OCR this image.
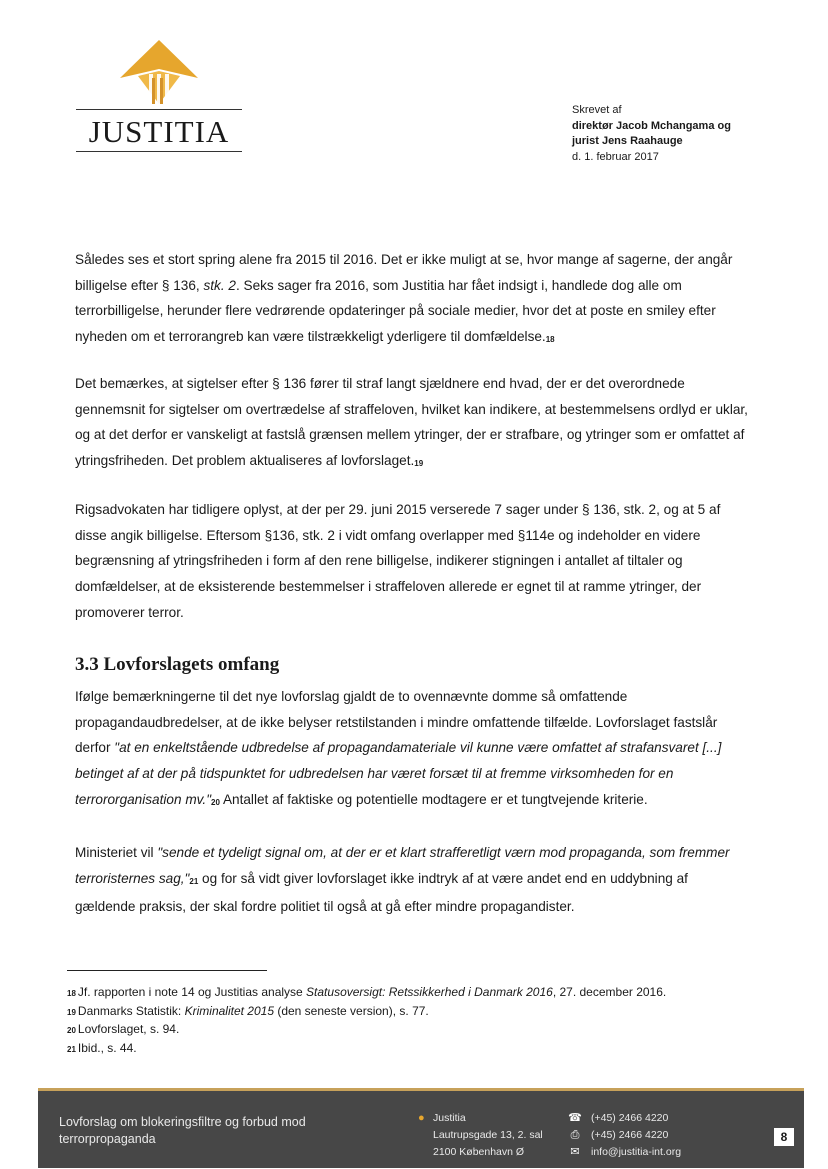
JUSTITIA
Skrevet af
direktør Jacob Mchangama og
jurist Jens Raahauge
d. 1. februar 2017

Således ses et stort spring alene fra 2015 til 2016. Det er ikke muligt at se, hvor mange af sagerne, der angår billigelse efter § 136, stk. 2. Seks sager fra 2016, som Justitia har fået indsigt i, handlede dog alle om terrorbilligelse, herunder flere vedrørende opdateringer på sociale medier, hvor det at poste en smiley efter nyheden om et terrorangreb kan være tilstrækkeligt yderligere til domfældelse.18

Det bemærkes, at sigtelser efter § 136 fører til straf langt sjældnere end hvad, der er det overordnede gennemsnit for sigtelser om overtrædelse af straffeloven, hvilket kan indikere, at bestemmelsens ordlyd er uklar, og at det derfor er vanskeligt at fastslå grænsen mellem ytringer, der er strafbare, og ytringer som er omfattet af ytringsfriheden. Det problem aktualiseres af lovforslaget.19

Rigsadvokaten har tidligere oplyst, at der per 29. juni 2015 verserede 7 sager under § 136, stk. 2, og at 5 af disse angik billigelse. Eftersom §136, stk. 2 i vidt omfang overlapper med §114e og indeholder en videre begrænsning af ytringsfriheden i form af den rene billigelse, indikerer stigningen i antallet af tiltaler og domfældelser, at de eksisterende bestemmelser i straffeloven allerede er egnet til at ramme ytringer, der promoverer terror.

3.3 Lovforslagets omfang

Ifølge bemærkningerne til det nye lovforslag gjaldt de to ovennævnte domme så omfattende propagandaudbredelser, at de ikke belyser retstilstanden i mindre omfattende tilfælde. Lovforslaget fastslår derfor "at en enkeltstående udbredelse af propagandamateriale vil kunne være omfattet af strafansvaret [...] betinget af at der på tidspunktet for udbredelsen har været forsæt til at fremme virksomheden for en terrororganisation mv."20 Antallet af faktiske og potentielle modtagere er et tungtvejende kriterie.

Ministeriet vil "sende et tydeligt signal om, at der er et klart strafferetligt værn mod propaganda, som fremmer terroristernes sag,"21 og for så vidt giver lovforslaget ikke indtryk af at være andet end en uddybning af gældende praksis, der skal fordre politiet til også at gå efter mindre propagandister.

18 Jf. rapporten i note 14 og Justitias analyse Statusoversigt: Retssikkerhed i Danmark 2016, 27. december 2016.
19 Danmarks Statistik: Kriminalitet 2015 (den seneste version), s. 77.
20 Lovforslaget, s. 94.
21 Ibid., s. 44.
Lovforslag om blokeringsfiltre og forbud mod
terrorpropaganda
● Justitia
Lautrupsgade 13, 2. sal
2100 København Ø
☎ (+45) 2466 4220
⎙ (+45) 2466 4220
✉ info@justitia-int.org
8
